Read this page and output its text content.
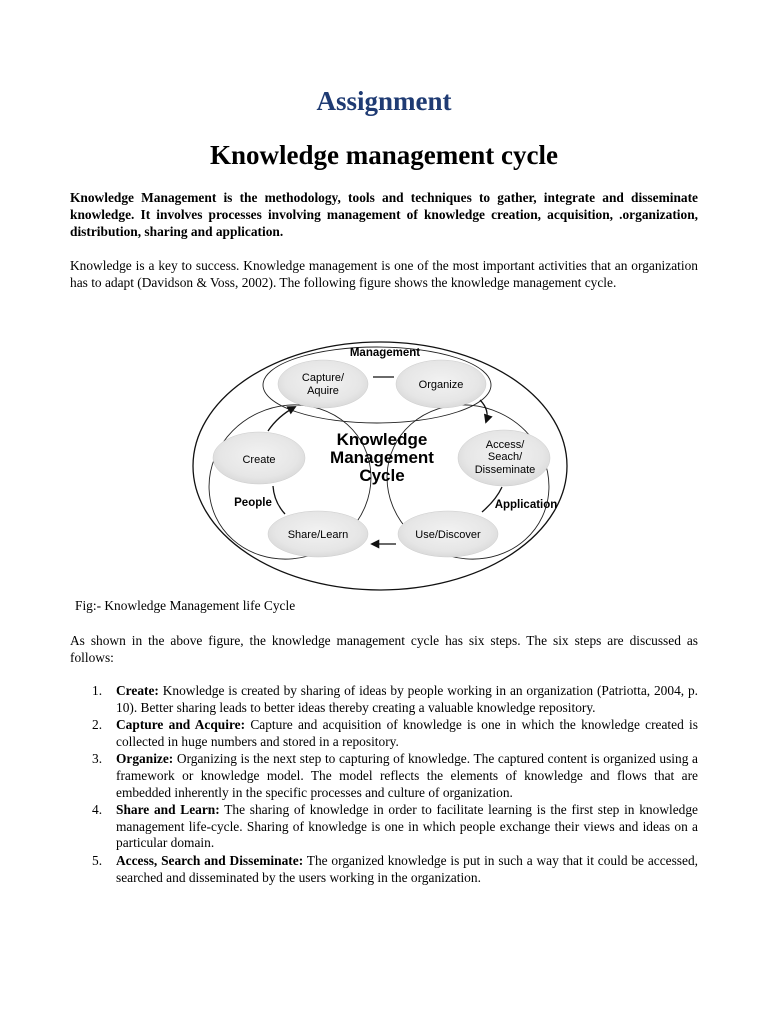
Assignment
Knowledge management cycle
Knowledge Management is the methodology, tools and techniques to gather, integrate and disseminate knowledge. It involves processes involving management of knowledge creation, acquisition, .organization, distribution, sharing and application.
Knowledge is a key to success. Knowledge management is one of the most important activities that an organization has to adapt (Davidson & Voss, 2002). The following figure shows the knowledge management cycle.
Management
People	Application
Capture/
Aquire	Organize
Access/
Seach/
Disseminate
Use/Discover
Share/Learn
Create
Knowledge
Management
Cycle
Fig:- Knowledge Management life Cycle
As shown in the above figure, the knowledge management cycle has six steps. The six steps are discussed as follows:
1. Create: Knowledge is created by sharing of ideas by people working in an organization (Patriotta, 2004, p. 10). Better sharing leads to better ideas thereby creating a valuable knowledge repository.
2. Capture and Acquire: Capture and acquisition of knowledge is one in which the knowledge created is collected in huge numbers and stored in a repository.
3. Organize: Organizing is the next step to capturing of knowledge. The captured content is organized using a framework or knowledge model. The model reflects the elements of knowledge and flows that are embedded inherently in the specific processes and culture of organization.
4. Share and Learn: The sharing of knowledge in order to facilitate learning is the first step in knowledge management life-cycle. Sharing of knowledge is one in which people exchange their views and ideas on a particular domain.
5. Access, Search and Disseminate: The organized knowledge is put in such a way that it could be accessed, searched and disseminated by the users working in the organization.
